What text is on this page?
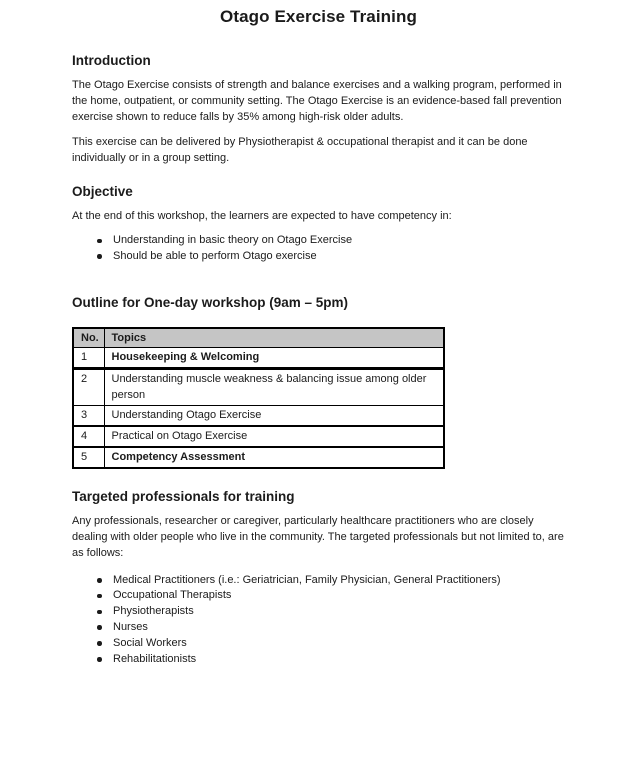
Otago Exercise Training
Introduction

The Otago Exercise consists of strength and balance exercises and a walking program, performed in the home, outpatient, or community setting. The Otago Exercise is an evidence-based fall prevention exercise shown to reduce falls by 35% among high-risk older adults.

This exercise can be delivered by Physiotherapist & occupational therapist and it can be done individually or in a group setting.

Objective

At the end of this workshop, the learners are expected to have competency in:

Understanding in basic theory on Otago Exercise
Should be able to perform Otago exercise
Outline for One-day workshop (9am – 5pm)
No.	Topics
1	Housekeeping & Welcoming
2	Understanding muscle weakness & balancing issue among older person
3	Understanding Otago Exercise
4	Practical on Otago Exercise
5	Competency Assessment
Targeted professionals for training

Any professionals, researcher or caregiver, particularly healthcare practitioners who are closely dealing with older people who live in the community. The targeted professionals but not limited to, are as follows:

Medical Practitioners (i.e.: Geriatrician, Family Physician, General Practitioners)
Occupational Therapists
Physiotherapists
Nurses
Social Workers
Rehabilitationists
